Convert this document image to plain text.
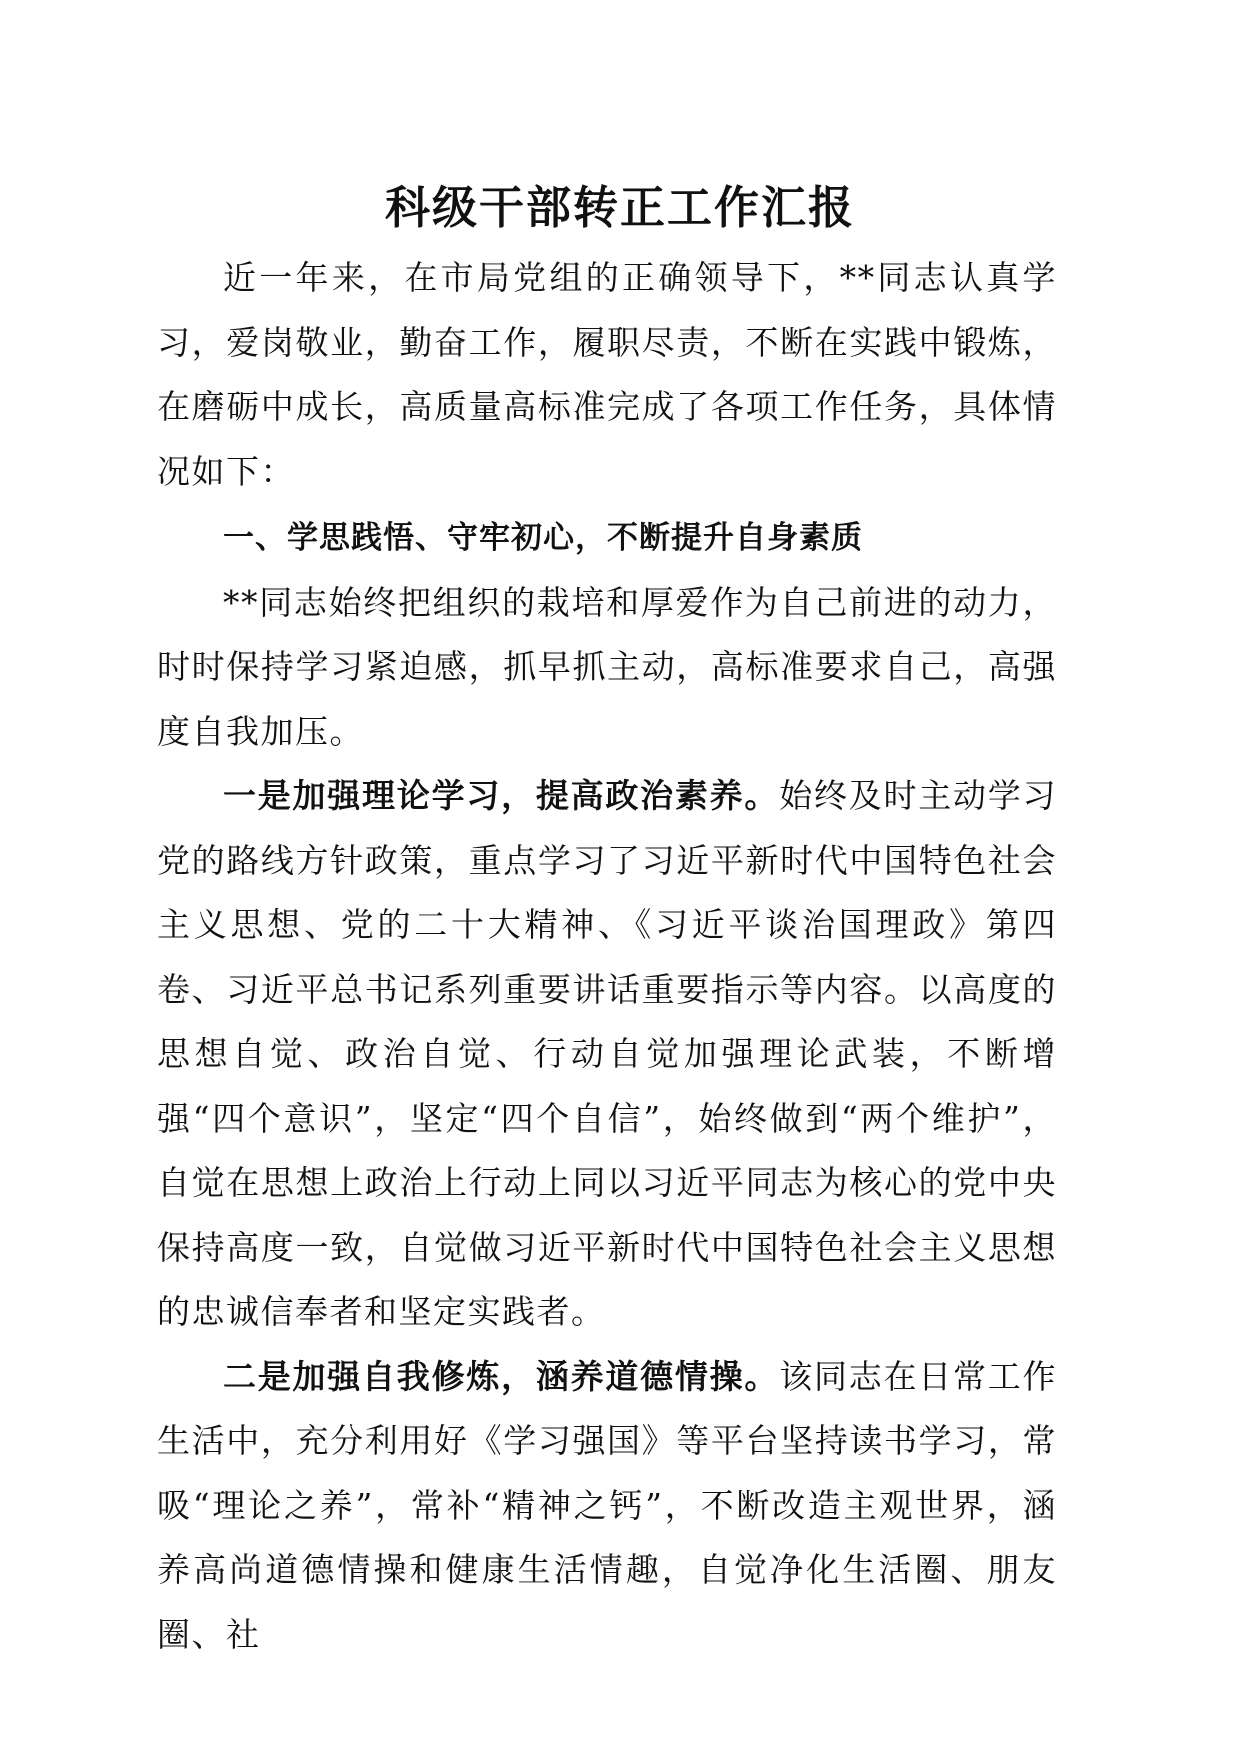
科级干部转正工作汇报

近一年来，在市局党组的正确领导下，**同志认真学习，爱岗敬业，勤奋工作，履职尽责，不断在实践中锻炼，在磨砺中成长，高质量高标准完成了各项工作任务，具体情况如下：

一、学思践悟、守牢初心，不断提升自身素质

**同志始终把组织的栽培和厚爱作为自己前进的动力，时时保持学习紧迫感，抓早抓主动，高标准要求自己，高强度自我加压。

一是加强理论学习，提高政治素养。始终及时主动学习党的路线方针政策，重点学习了习近平新时代中国特色社会主义思想、党的二十大精神、《习近平谈治国理政》第四卷、习近平总书记系列重要讲话重要指示等内容。以高度的思想自觉、政治自觉、行动自觉加强理论武装，不断增强“四个意识”，坚定“四个自信”，始终做到“两个维护”，自觉在思想上政治上行动上同以习近平同志为核心的党中央保持高度一致，自觉做习近平新时代中国特色社会主义思想的忠诚信奉者和坚定实践者。

二是加强自我修炼，涵养道德情操。该同志在日常工作生活中，充分利用好《学习强国》等平台坚持读书学习，常吸“理论之养”，常补“精神之钙”，不断改造主观世界，涵养高尚道德情操和健康生活情趣，自觉净化生活圈、朋友圈、社
